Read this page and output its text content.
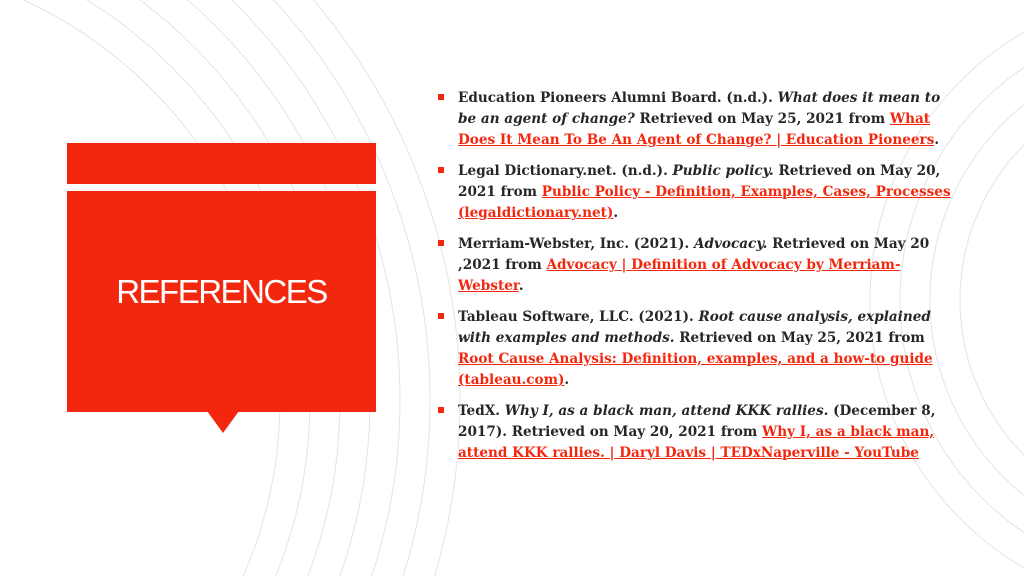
REFERENCES
Education Pioneers Alumni Board. (n.d.). What does it mean to be an agent of change? Retrieved on May 25, 2021 from What Does It Mean To Be An Agent of Change? | Education Pioneers.
Legal Dictionary.net. (n.d.). Public policy. Retrieved on May 20, 2021 from Public Policy - Definition, Examples, Cases, Processes (legaldictionary.net).
Merriam-Webster, Inc. (2021). Advocacy. Retrieved on May 20 ,2021 from Advocacy | Definition of Advocacy by Merriam-Webster.
Tableau Software, LLC. (2021). Root cause analysis, explained with examples and methods. Retrieved on May 25, 2021 from Root Cause Analysis: Definition, examples, and a how-to guide (tableau.com).
TedX. Why I, as a black man, attend KKK rallies. (December 8, 2017). Retrieved on May 20, 2021 from Why I, as a black man, attend KKK rallies. | Daryl Davis | TEDxNaperville - YouTube
